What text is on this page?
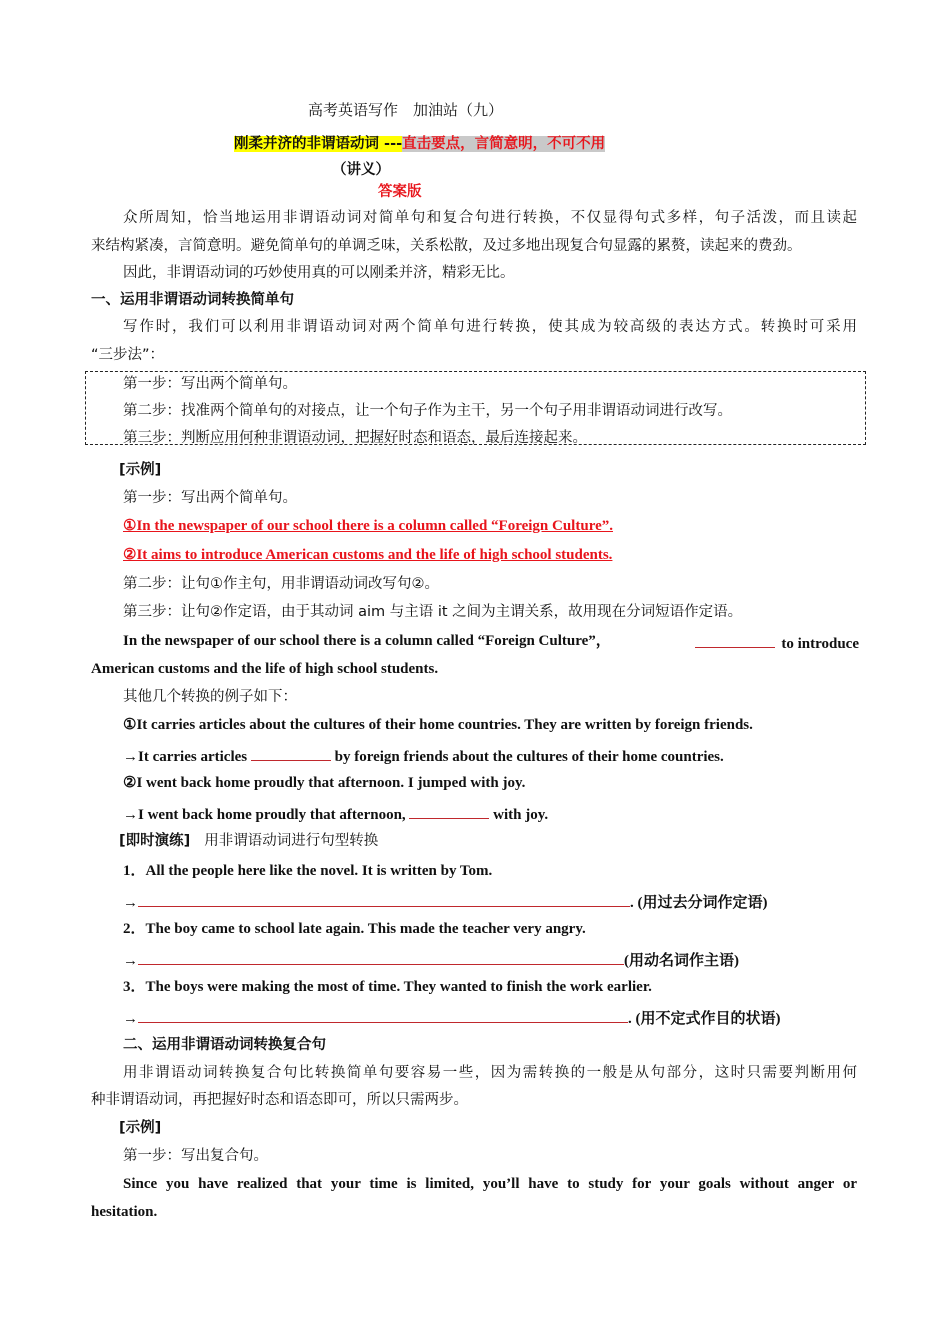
高考英语写作　加油站（九）
刚柔并济的非谓语动词 ---直击要点，言简意明，不可不用
（讲义）
答案版
众所周知，恰当地运用非谓语动词对简单句和复合句进行转换，不仅显得句式多样，句子活泼，而且读起
来结构紧凑，言简意明。避免简单句的单调乏味，关系松散，及过多地出现复合句显露的累赘，读起来的费劲。
因此，非谓语动词的巧妙使用真的可以刚柔并济，精彩无比。
一、运用非谓语动词转换简单句
写作时，我们可以利用非谓语动词对两个简单句进行转换，使其成为较高级的表达方式。转换时可采用
“三步法”：
第一步：写出两个简单句。
第二步：找准两个简单句的对接点，让一个句子作为主干，另一个句子用非谓语动词进行改写。
第三步：判断应用何种非谓语动词，把握好时态和语态，最后连接起来。
[示例]
第一步：写出两个简单句。
①In the newspaper of our school there is a column called “Foreign Culture”.
②It aims to introduce American customs and the life of high school students.
第二步：让句①作主句，用非谓语动词改写句②。
第三步：让句②作定语，由于其动词 aim 与主语 it 之间为主谓关系，故用现在分词短语作定语。
In the newspaper of our school there is a column called “Foreign Culture”，	to introduce
American customs and the life of high school students.
其他几个转换的例子如下：
①It carries articles about the cultures of their home countries. They are written by foreign friends.
→It carries articles	by foreign friends about the cultures of their home countries.
②I went back home proudly that afternoon. I jumped with joy.
→I went back home proudly that afternoon,	with joy.
[即时演练] 用非谓语动词进行句型转换
1．All the people here like the novel. It is written by Tom.
→	. (用过去分词作定语)
2．The boy came to school late again. This made the teacher very angry.
→	(用动名词作主语)
3．The boys were making the most of time. They wanted to finish the work earlier.
→	. (用不定式作目的状语)
二、运用非谓语动词转换复合句
用非谓语动词转换复合句比转换简单句要容易一些，因为需转换的一般是从句部分，这时只需要判断用何
种非谓语动词，再把握好时态和语态即可，所以只需两步。
[示例]
第一步：写出复合句。
Since you have realized that your time is limited, you’ll have to study for your goals without anger or
hesitation.
